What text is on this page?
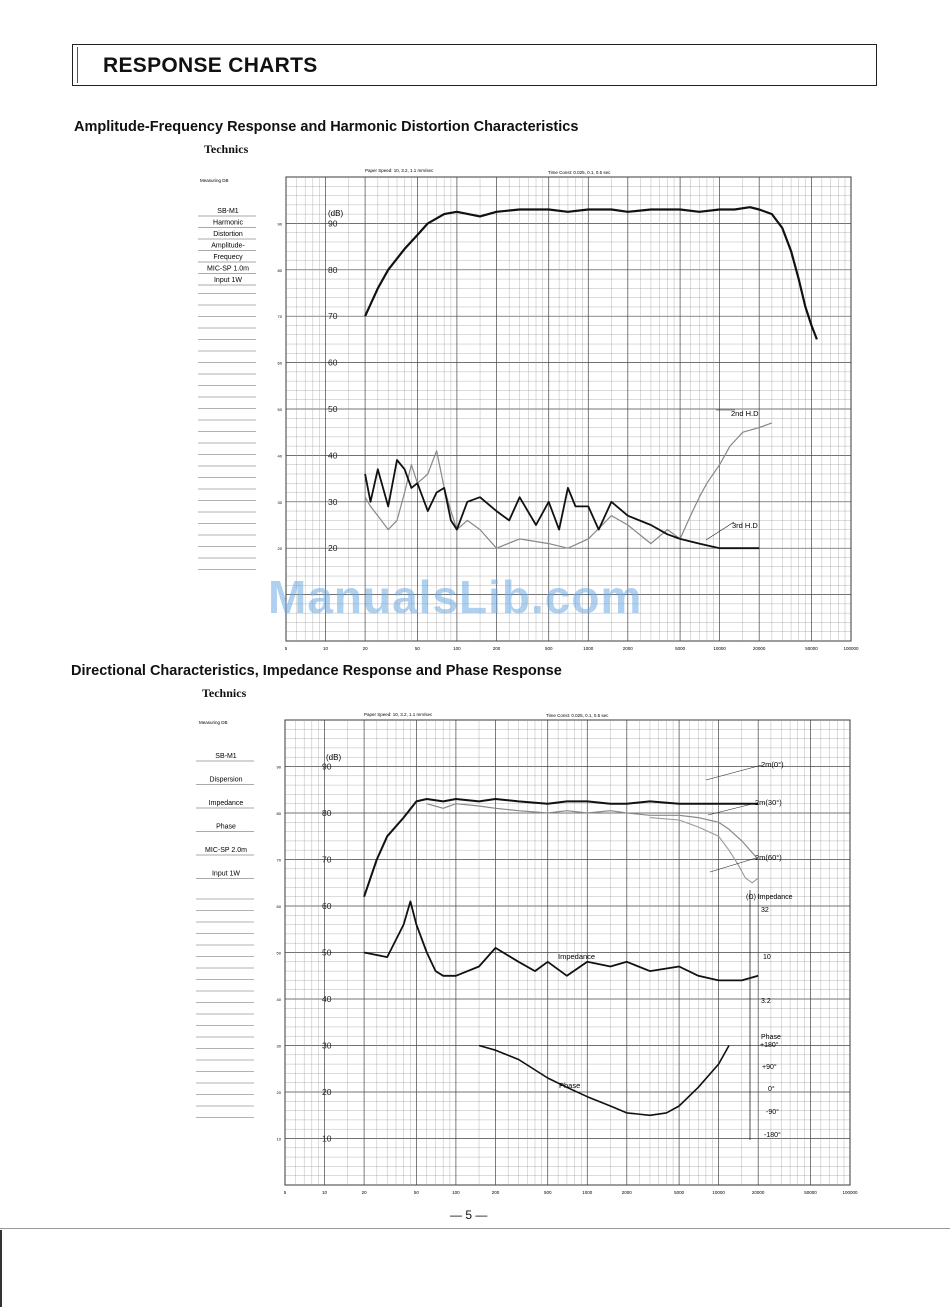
RESPONSE CHARTS
Amplitude-Frequency Response and Harmonic Distortion Characteristics
Technics
Directional Characteristics, Impedance Response and Phase Response
Technics
5	10	20	50	100	200	500	1000	2000	5000	10000	20000	50000	100000
20
20
30
30
40
40
50
50
60
60
70
70
80
80
90
90
Paper Speed: 10, 3.2, 1.1 mm/sec	Time Const: 0.025, 0.1, 0.5 sec
Measuring DB
(dB)
SB-M1
Harmonic
Distortion
Amplitude-
Frequecy
MIC-SP 1.0m
Input 1W
2nd H.D
3rd H.D
5	10	20	50	100	200	500	1000	2000	5000	10000	20000	50000	100000
10
10
20
20
30
30
40
40
50
50
60
60
70
70
80
80
90
90
Paper Speed: 10, 3.2, 1.1 mm/sec	Time Const: 0.025, 0.1, 0.5 sec
Measuring DB
(dB)
SB-M1
Dispersion
Impedance
Phase
MIC-SP 2.0m
Input 1W
2m(0°)
2m(30°)
2m(60°)
Impedance
Phase
(Ω) Impedance
32
10
3.2
Phase
+180°
+90°
0°
-90°
-180°
ManualsLib.com
— 5 —
